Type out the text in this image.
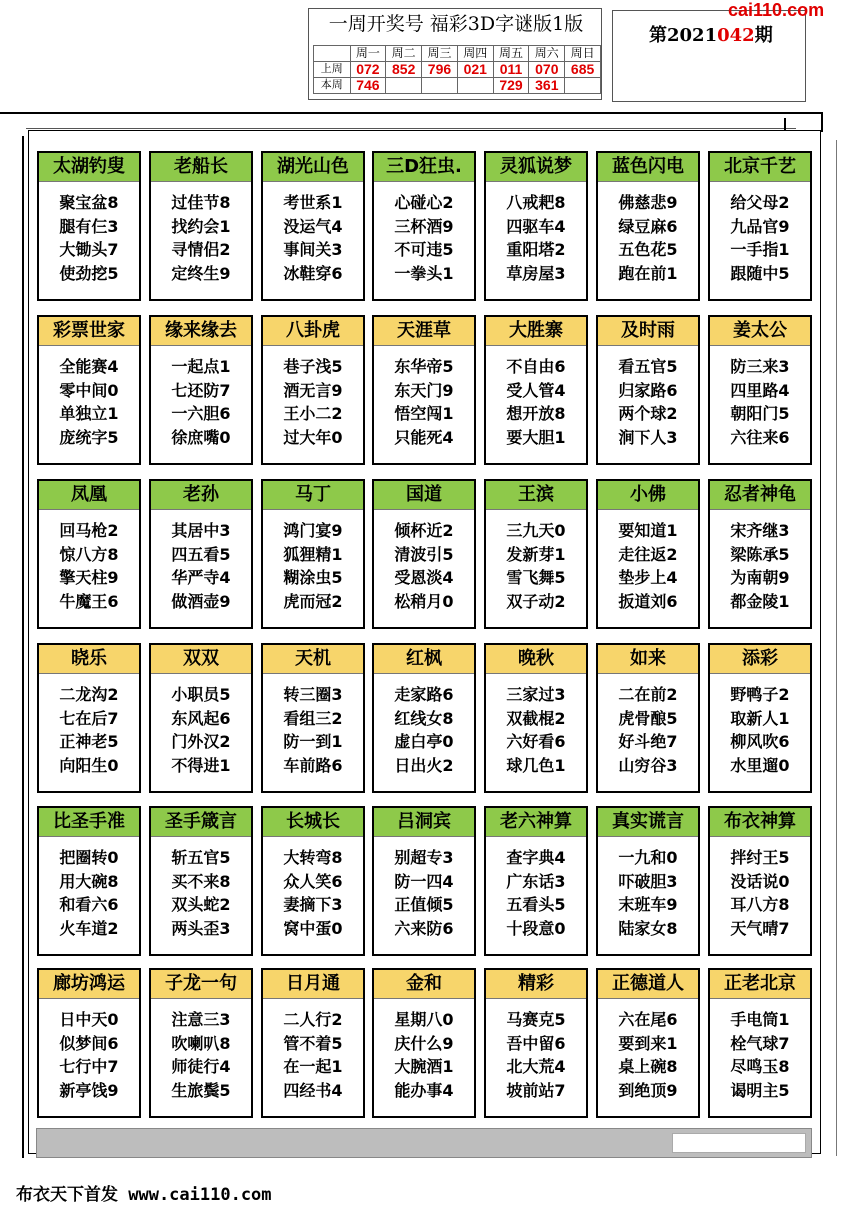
一周开奖号 福彩3D字谜版1版
	周一	周二	周三	周四	周五	周六	周日
上周	072	852	796	021	011	070	685
本周	746				729	361	
第2021042期
cai110.com
太湖钓叟
聚宝盆8
腿有仨3
大锄头7
使劲挖5
老船长
过佳节8
找约会1
寻情侣2
定终生9
湖光山色
考世系1
没运气4
事间关3
冰鞋穿6
三D狂虫.
心碰心2
三杯酒9
不可违5
一拳头1
灵狐说梦
八戒耙8
四驱车4
重阳塔2
草房屋3
蓝色闪电
佛慈悲9
绿豆麻6
五色花5
跑在前1
北京千艺
给父母2
九品官9
一手指1
跟随中5
彩票世家
全能赛4
零中间0
单独立1
庞统字5
缘来缘去
一起点1
七还防7
一六胆6
徐庶嘴0
八卦虎
巷子浅5
酒无言9
王小二2
过大年0
天涯草
东华帝5
东天门9
悟空闯1
只能死4
大胜寨
不自由6
受人管4
想开放8
要大胆1
及时雨
看五官5
归家路6
两个球2
涧下人3
姜太公
防三来3
四里路4
朝阳门5
六往来6
凤凰
回马枪2
惊八方8
擎天柱9
牛魔王6
老孙
其居中3
四五看5
华严寺4
做酒壶9
马丁
鸿门宴9
狐狸精1
糊涂虫5
虎而冠2
国道
倾杯近2
清波引5
受恩淡4
松稍月0
王滨
三九天0
发新芽1
雪飞舞5
双子动2
小佛
要知道1
走往返2
垫步上4
扳道刘6
忍者神龟
宋齐继3
梁陈承5
为南朝9
都金陵1
晓乐
二龙沟2
七在后7
正神老5
向阳生0
双双
小职员5
东风起6
门外汉2
不得进1
天机
转三圈3
看组三2
防一到1
车前路6
红枫
走家路6
红线女8
虚白亭0
日出火2
晚秋
三家过3
双截棍2
六好看6
球几色1
如来
二在前2
虎骨酿5
好斗绝7
山穷谷3
添彩
野鸭子2
取新人1
柳风吹6
水里遛0
比圣手准
把圈转0
用大碗8
和看六6
火车道2
圣手箴言
斩五官5
买不来8
双头蛇2
两头歪3
长城长
大转弯8
众人笑6
妻摘下3
窝中蛋0
吕洞宾
别超专3
防一四4
正值倾5
六来防6
老六神算
查字典4
广东话3
五看头5
十段意0
真实谎言
一九和0
吓破胆3
末班车9
陆家女8
布衣神算
拌纣王5
没话说0
耳八方8
天气晴7
廊坊鸿运
日中天0
似梦间6
七行中7
新亭饯9
子龙一句
注意三3
吹喇叭8
师徒行4
生旅鬓5
日月通
二人行2
管不着5
在一起1
四经书4
金和
星期八0
庆什么9
大腕酒1
能办事4
精彩
马赛克5
吾中留6
北大荒4
坡前站7
正德道人
六在尾6
要到来1
桌上碗8
到绝顶9
正老北京
手电筒1
栓气球7
尽鸣玉8
谒明主5
布衣天下首发 www.cai110.com
